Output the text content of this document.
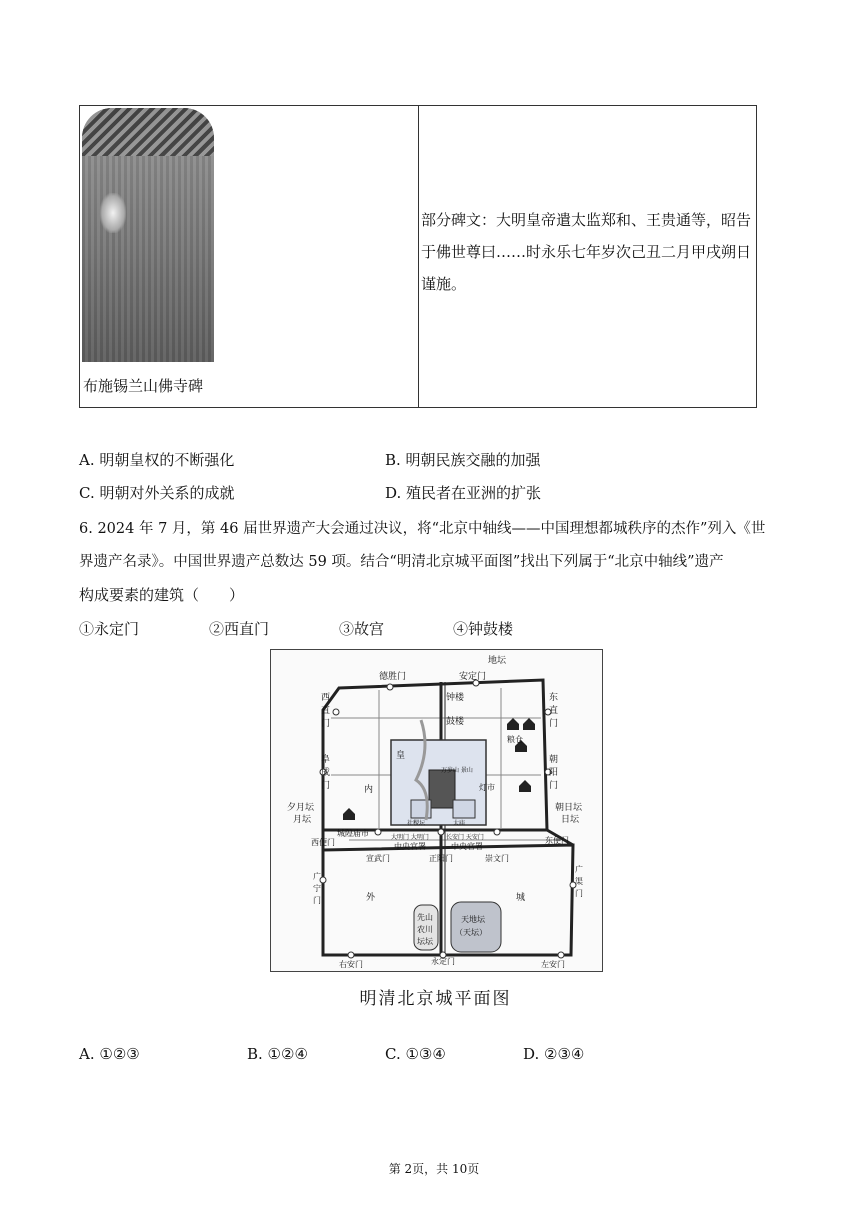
布施锡兰山佛寺碑

部分碑文：大明皇帝遣太监郑和、王贵通等，昭告于佛世尊曰……时永乐七年岁次己丑二月甲戌朔日谨施。
A. 明朝皇权的不断强化	B. 明朝民族交融的加强
C. 明朝对外关系的成就	D. 殖民者在亚洲的扩张
6. 2024 年 7 月，第 46 届世界遗产大会通过决议，将“北京中轴线——中国理想都城秩序的杰作”列入《世
界遗产名录》。中国世界遗产总数达 59 项。结合“明清北京城平面图”找出下列属于“北京中轴线”遗产
构成要素的建筑（　　）
①永定门	②西直门	③故宫	④钟鼓楼
德胜门	安定门
地坛
钟楼
鼓楼
西
直
门
东
直
门
阜
成
门
朝
阳
门
皇
万岁山 景山
内
夕月坛
月坛
朝日坛
日坛
城隍庙市
灯市
社稷坛	太庙
大明门 大明门	长安门 天安门
中央官署	中央官署
西便门	东便门
宣武门	正阳门	崇文门
广
渠
门
广
宁
门	外	城
先山
农川
坛坛
天地坛
（天坛）
右安门	永定门	左安门
粮仓
明清北京城平面图
A. ①②③	B. ①②④	C. ①③④	D. ②③④
第 2页，共 10页
